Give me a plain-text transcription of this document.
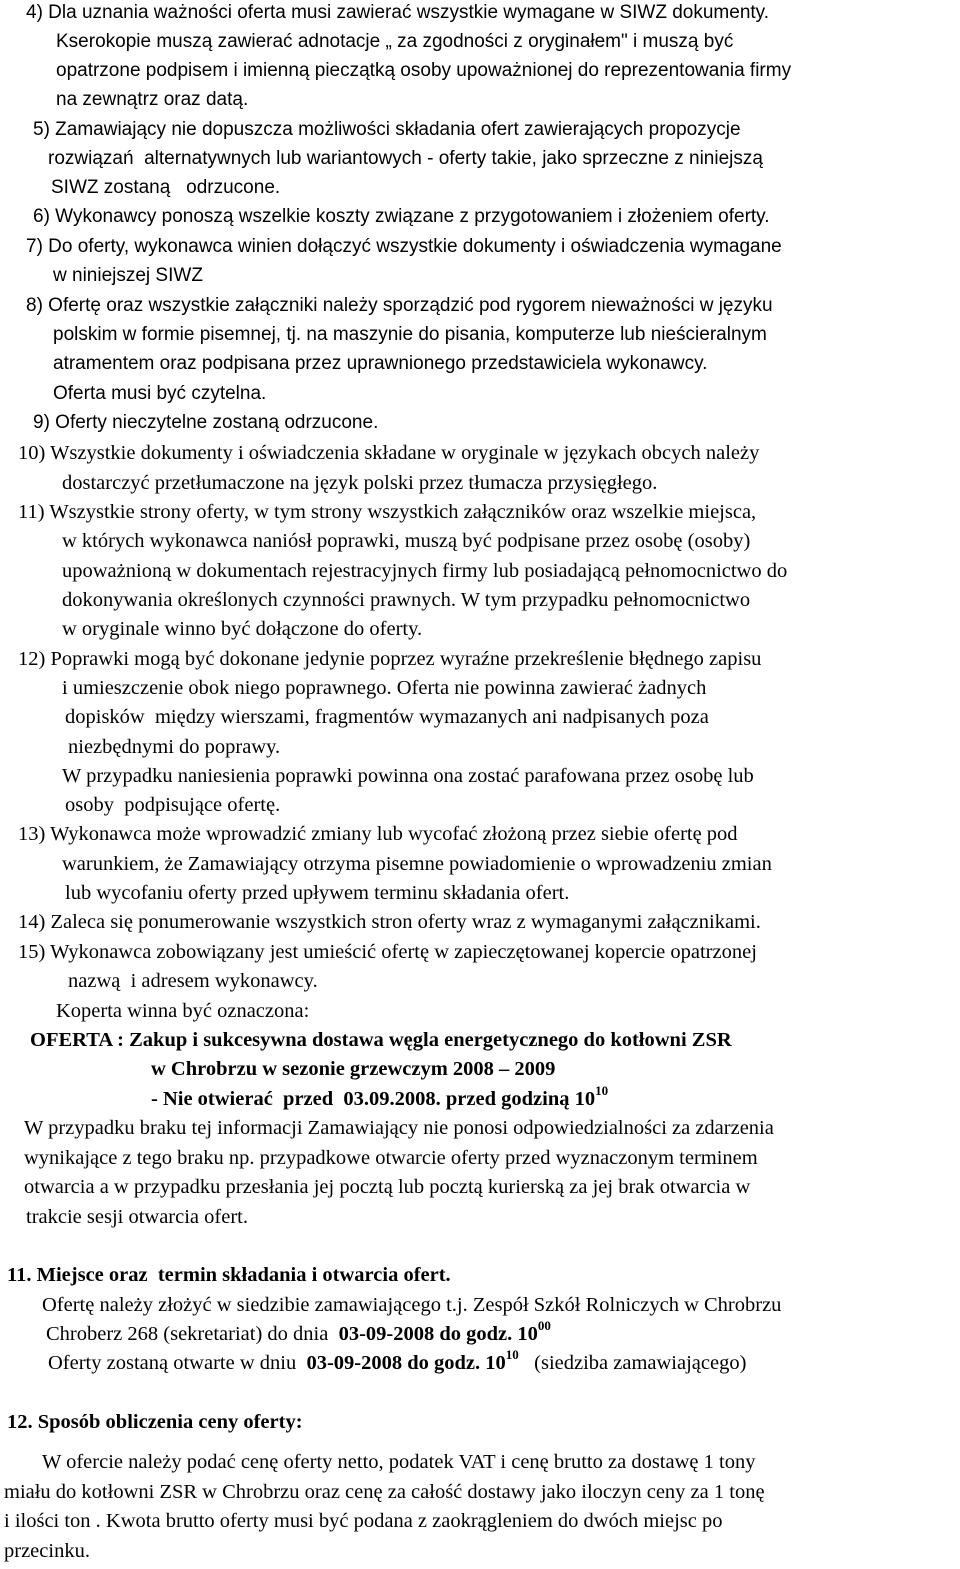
4) Dla uznania ważności oferta musi zawierać wszystkie wymagane w SIWZ dokumenty.
Kserokopie muszą zawierać adnotacje „ za zgodności z oryginałem" i muszą być
opatrzone podpisem i imienną pieczątką osoby upoważnionej do reprezentowania firmy
na zewnątrz oraz datą.
5) Zamawiający nie dopuszcza możliwości składania ofert zawierających propozycje
rozwiązań  alternatywnych lub wariantowych - oferty takie, jako sprzeczne z niniejszą
SIWZ zostaną   odrzucone.
6) Wykonawcy ponoszą wszelkie koszty związane z przygotowaniem i złożeniem oferty.
7) Do oferty, wykonawca winien dołączyć wszystkie dokumenty i oświadczenia wymagane
w niniejszej SIWZ
8) Ofertę oraz wszystkie załączniki należy sporządzić pod rygorem nieważności w języku
polskim w formie pisemnej, tj. na maszynie do pisania, komputerze lub nieścieralnym
atramentem oraz podpisana przez uprawnionego przedstawiciela wykonawcy.
Oferta musi być czytelna.
9) Oferty nieczytelne zostaną odrzucone.
10) Wszystkie dokumenty i oświadczenia składane w oryginale w językach obcych należy
dostarczyć przetłumaczone na język polski przez tłumacza przysięgłego.
11) Wszystkie strony oferty, w tym strony wszystkich załączników oraz wszelkie miejsca,
w których wykonawca naniósł poprawki, muszą być podpisane przez osobę (osoby)
upoważnioną w dokumentach rejestracyjnych firmy lub posiadającą pełnomocnictwo do
dokonywania określonych czynności prawnych. W tym przypadku pełnomocnictwo
w oryginale winno być dołączone do oferty.
12) Poprawki mogą być dokonane jedynie poprzez wyraźne przekreślenie błędnego zapisu
i umieszczenie obok niego poprawnego. Oferta nie powinna zawierać żadnych
dopisków  między wierszami, fragmentów wymazanych ani nadpisanych poza
niezbędnymi do poprawy.
W przypadku naniesienia poprawki powinna ona zostać parafowana przez osobę lub
osoby  podpisujące ofertę.
13) Wykonawca może wprowadzić zmiany lub wycofać złożoną przez siebie ofertę pod
warunkiem, że Zamawiający otrzyma pisemne powiadomienie o wprowadzeniu zmian
lub wycofaniu oferty przed upływem terminu składania ofert.
14) Zaleca się ponumerowanie wszystkich stron oferty wraz z wymaganymi załącznikami.
15) Wykonawca zobowiązany jest umieścić ofertę w zapieczętowanej kopercie opatrzonej
nazwą  i adresem wykonawcy.
Koperta winna być oznaczona:
OFERTA : Zakup i sukcesywna dostawa węgla energetycznego do kotłowni ZSR
w Chrobrzu w sezonie grzewczym 2008 – 2009
- Nie otwierać  przed  03.09.2008. przed godziną $10^{10}$
W przypadku braku tej informacji Zamawiający nie ponosi odpowiedzialności za zdarzenia
wynikające z tego braku np. przypadkowe otwarcie oferty przed wyznaczonym terminem
otwarcia a w przypadku przesłania jej pocztą lub pocztą kurierską za jej brak otwarcia w
trakcie sesji otwarcia ofert.
11. Miejsce oraz  termin składania i otwarcia ofert.
Ofertę należy złożyć w siedzibie zamawiającego t.j. Zespół Szkół Rolniczych w Chrobrzu
Chroberz 268 (sekretariat) do dnia  03-09-2008 do godz. $10^{00}$
Oferty zostaną otwarte w dniu  03-09-2008 do godz. $10^{10}$   (siedziba zamawiającego)
12. Sposób obliczenia ceny oferty:
W ofercie należy podać cenę oferty netto, podatek VAT i cenę brutto za dostawę 1 tony
miału do kotłowni ZSR w Chrobrzu oraz cenę za całość dostawy jako iloczyn ceny za 1 tonę
i ilości ton . Kwota brutto oferty musi być podana z zaokrągleniem do dwóch miejsc po
przecinku.
